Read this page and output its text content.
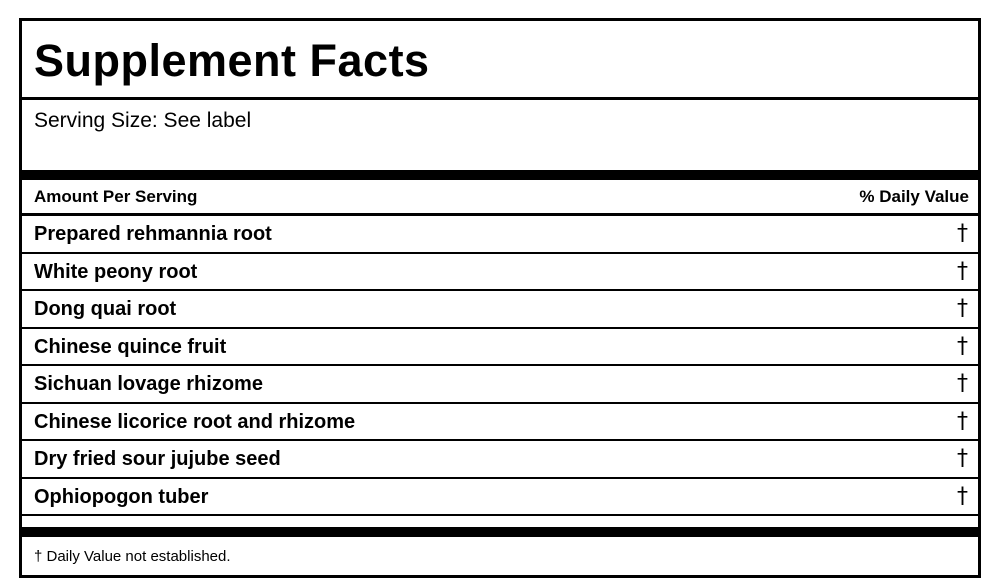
Supplement Facts
Serving Size: See label
Amount Per Serving	% Daily Value
Prepared rehmannia root	†
White peony root	†
Dong quai root	†
Chinese quince fruit	†
Sichuan lovage rhizome	†
Chinese licorice root and rhizome	†
Dry fried sour jujube seed	†
Ophiopogon tuber	†
† Daily Value not established.
